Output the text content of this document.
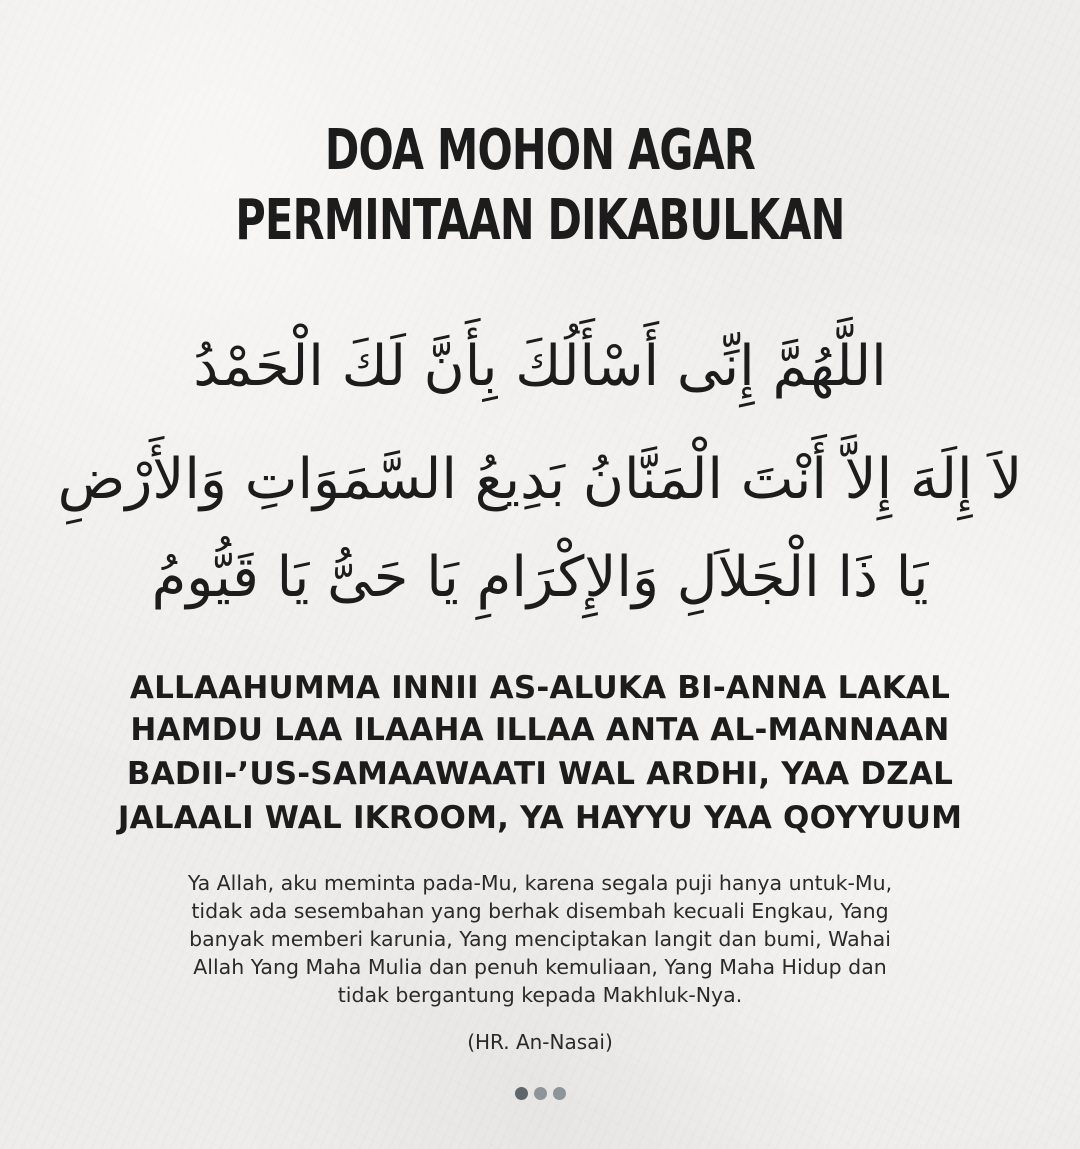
DOA MOHON AGAR
PERMINTAAN DIKABULKAN
اللَّهُمَّ إِنِّى أَسْأَلُكَ بِأَنَّ لَكَ الْحَمْدُ
لاَ إِلَهَ إِلاَّ أَنْتَ الْمَنَّانُ بَدِيعُ السَّمَوَاتِ وَالأَرْضِ
يَا ذَا الْجَلاَلِ وَالإِكْرَامِ يَا حَىُّ يَا قَيُّومُ
ALLAAHUMMA INNII AS-ALUKA BI-ANNA LAKAL
HAMDU LAA ILAAHA ILLAA ANTA AL-MANNAAN
BADII-’US-SAMAAWAATI WAL ARDHI, YAA DZAL
JALAALI WAL IKROOM, YA HAYYU YAA QOYYUUM
Ya Allah, aku meminta pada-Mu, karena segala puji hanya untuk-Mu,
tidak ada sesembahan yang berhak disembah kecuali Engkau, Yang
banyak memberi karunia, Yang menciptakan langit dan bumi, Wahai
Allah Yang Maha Mulia dan penuh kemuliaan, Yang Maha Hidup dan
tidak bergantung kepada Makhluk-Nya.
(HR. An-Nasai)
